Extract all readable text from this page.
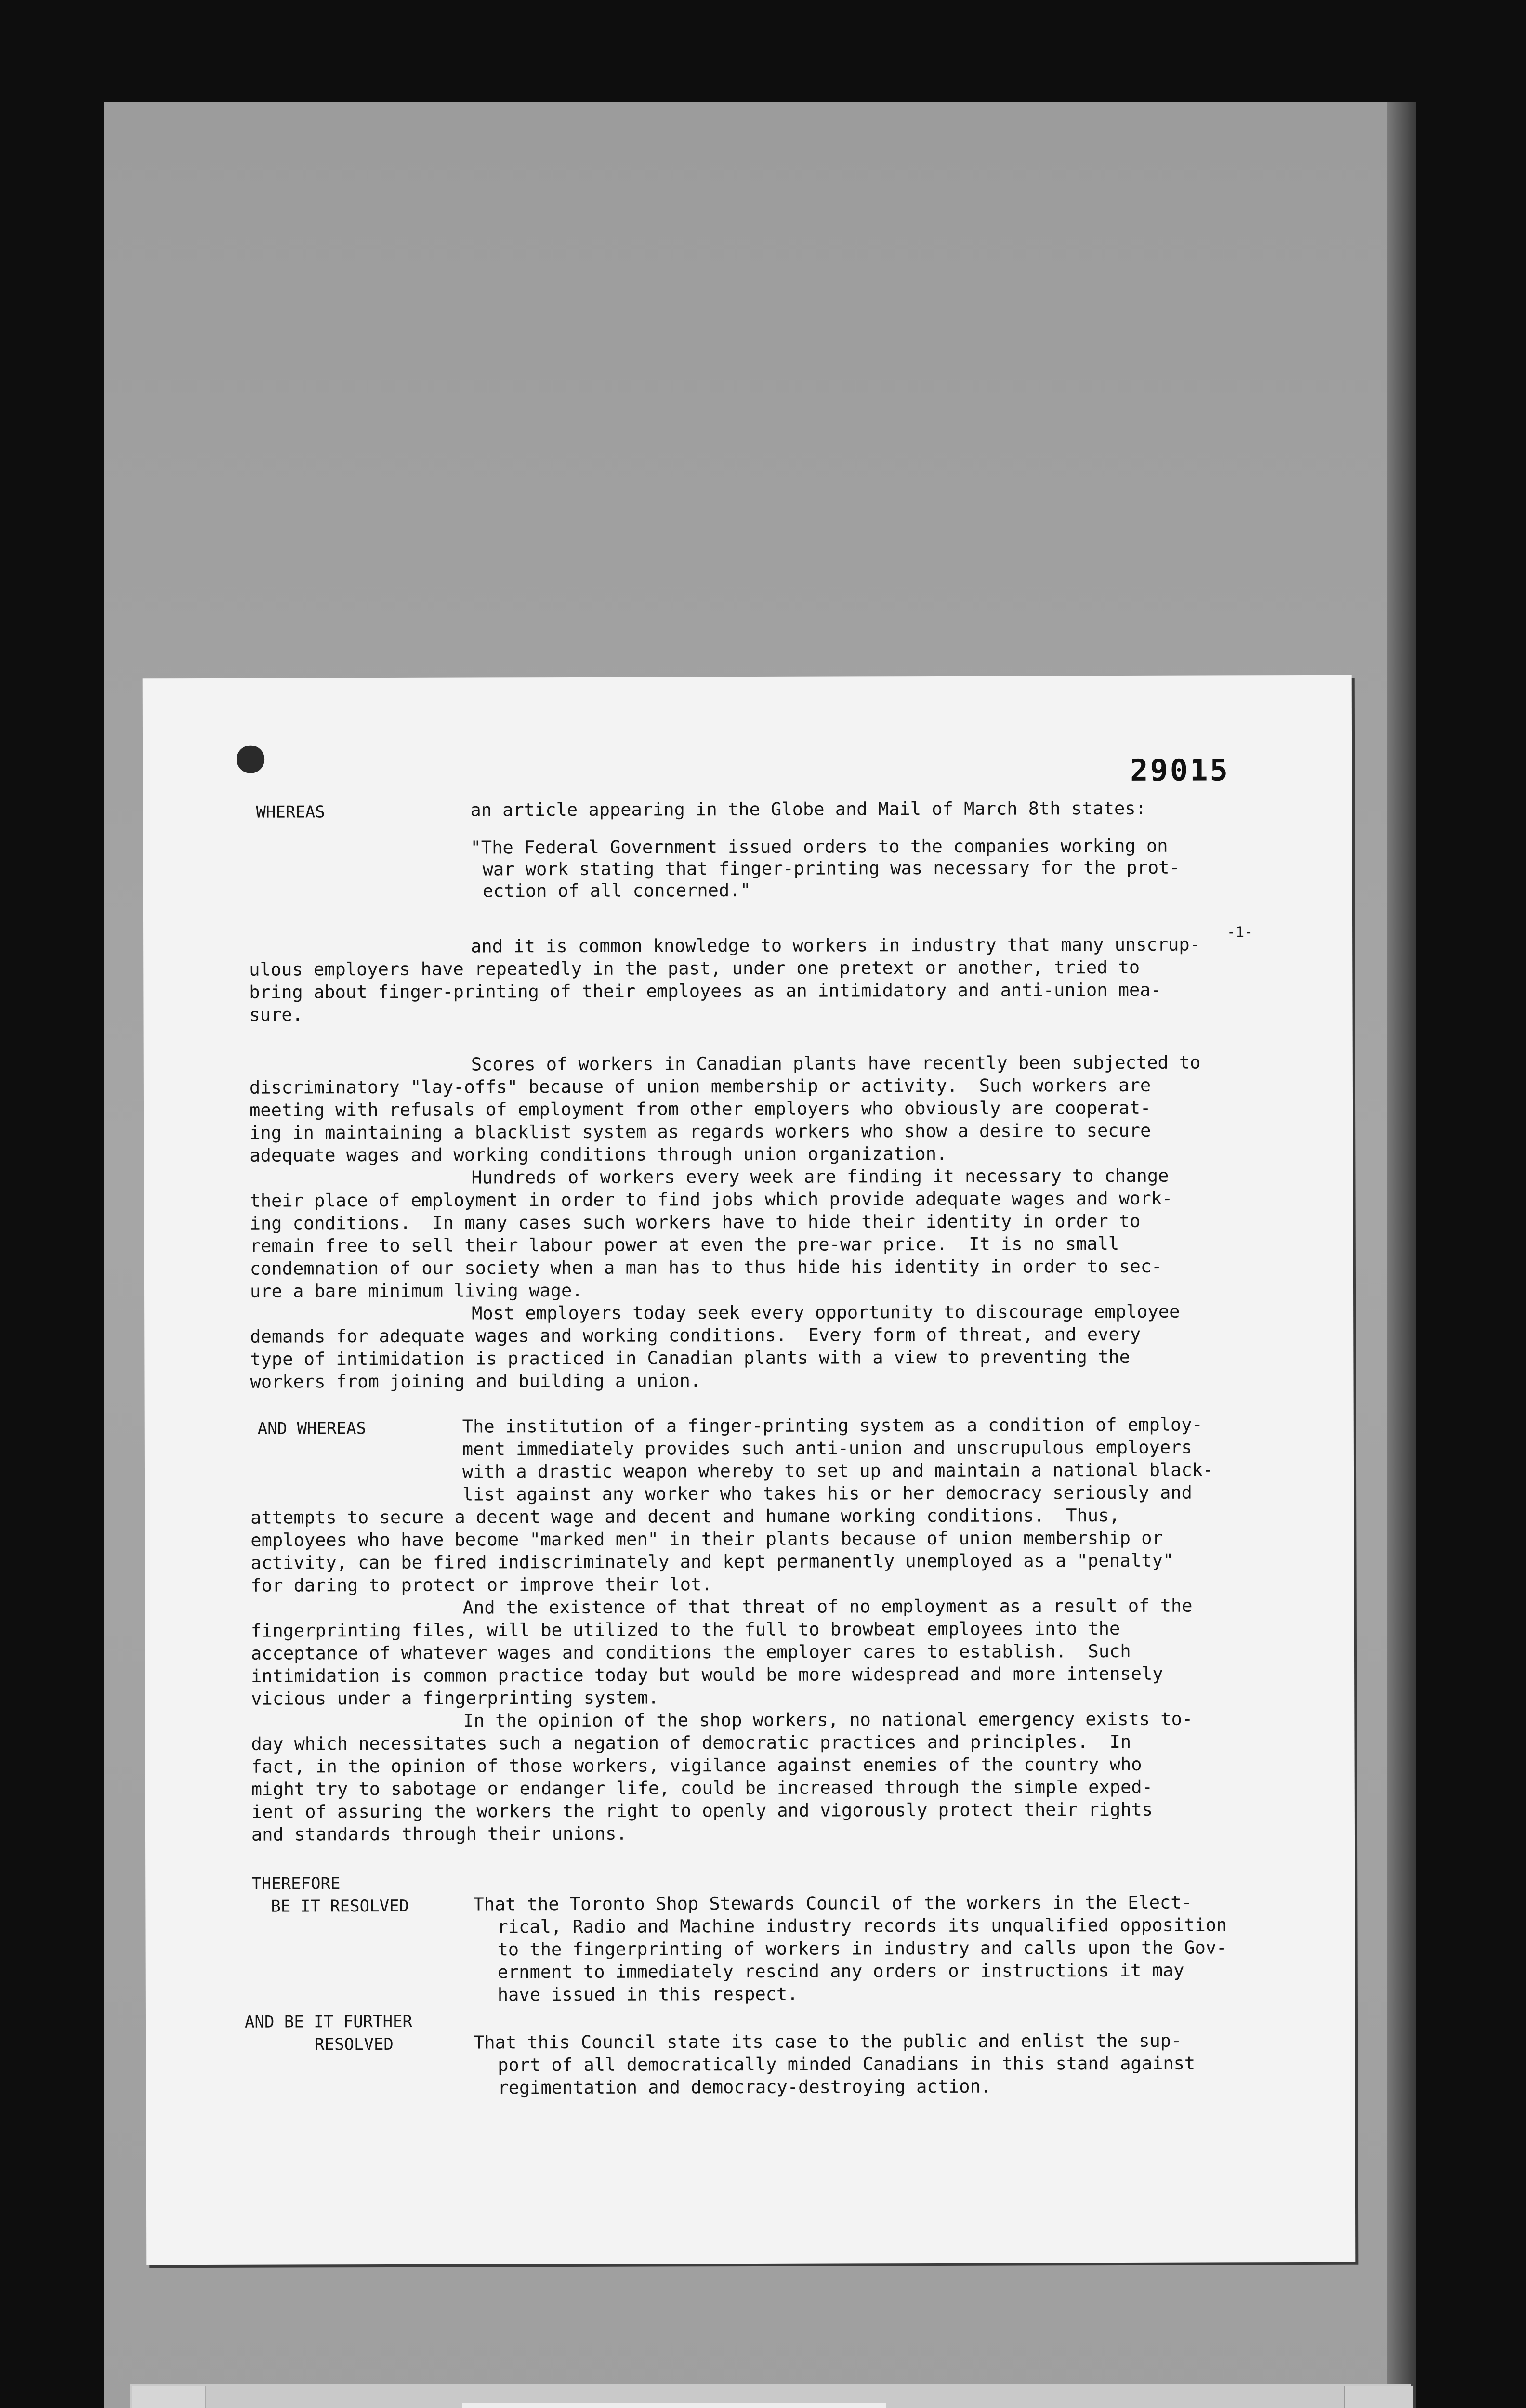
29015
WHEREAS	an article appearing in the Globe and Mail of March 8th states:

"The Federal Government issued orders to the companies working on

war work stating that finger-printing was necessary for the prot-

ection of all concerned."

-1-

and it is common knowledge to workers in industry that many unscrup-

ulous employers have repeatedly in the past, under one pretext or another, tried to

bring about finger-printing of their employees as an intimidatory and anti-union mea-

sure.

Scores of workers in Canadian plants have recently been subjected to

discriminatory "lay-offs" because of union membership or activity.  Such workers are

meeting with refusals of employment from other employers who obviously are cooperat-

ing in maintaining a blacklist system as regards workers who show a desire to secure

adequate wages and working conditions through union organization.

Hundreds of workers every week are finding it necessary to change

their place of employment in order to find jobs which provide adequate wages and work-

ing conditions.  In many cases such workers have to hide their identity in order to

remain free to sell their labour power at even the pre-war price.  It is no small

condemnation of our society when a man has to thus hide his identity in order to sec-

ure a bare minimum living wage.

Most employers today seek every opportunity to discourage employee

demands for adequate wages and working conditions.  Every form of threat, and every

type of intimidation is practiced in Canadian plants with a view to preventing the

workers from joining and building a union.

AND WHEREAS	The institution of a finger-printing system as a condition of employ-

ment immediately provides such anti-union and unscrupulous employers

with a drastic weapon whereby to set up and maintain a national black-

list against any worker who takes his or her democracy seriously and

attempts to secure a decent wage and decent and humane working conditions.  Thus,

employees who have become "marked men" in their plants because of union membership or

activity, can be fired indiscriminately and kept permanently unemployed as a "penalty"

for daring to protect or improve their lot.

And the existence of that threat of no employment as a result of the

fingerprinting files, will be utilized to the full to browbeat employees into the

acceptance of whatever wages and conditions the employer cares to establish.  Such

intimidation is common practice today but would be more widespread and more intensely

vicious under a fingerprinting system.

In the opinion of the shop workers, no national emergency exists to-

day which necessitates such a negation of democratic practices and principles.  In

fact, in the opinion of those workers, vigilance against enemies of the country who

might try to sabotage or endanger life, could be increased through the simple exped-

ient of assuring the workers the right to openly and vigorously protect their rights

and standards through their unions.

THEREFORE
BE IT RESOLVED	That the Toronto Shop Stewards Council of the workers in the Elect-

rical, Radio and Machine industry records its unqualified opposition

to the fingerprinting of workers in industry and calls upon the Gov-

ernment to immediately rescind any orders or instructions it may

have issued in this respect.

AND BE IT FURTHER
RESOLVED	That this Council state its case to the public and enlist the sup-

port of all democratically minded Canadians in this stand against

regimentation and democracy-destroying action.
